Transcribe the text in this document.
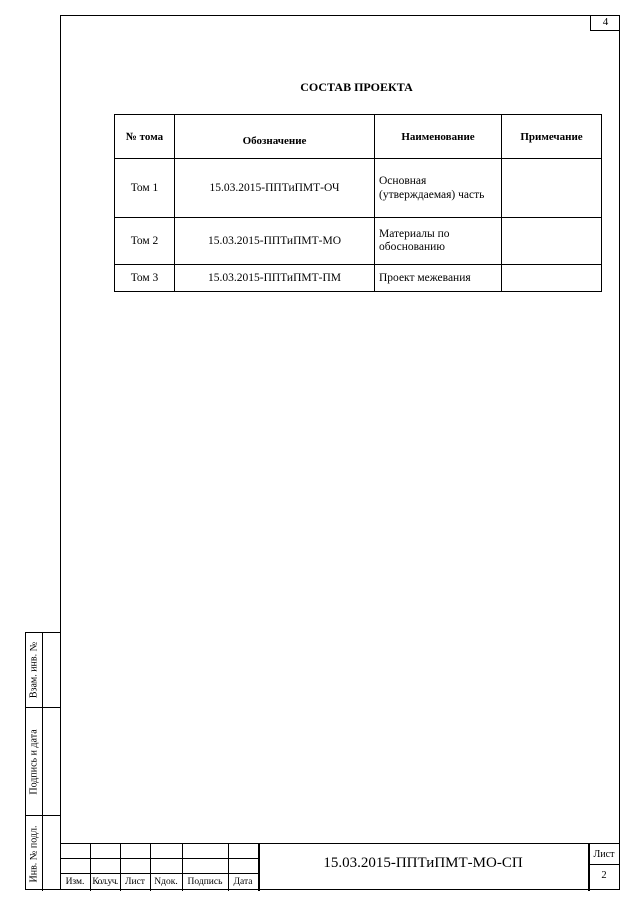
4
СОСТАВ ПРОЕКТА
№ тома	Обозначение	Наименование	Примечание
Том 1	15.03.2015-ППТиПМТ-ОЧ	Основная (утверждаемая) часть	
Том 2	15.03.2015-ППТиПМТ-МО	Материалы по обоснованию	
Том 3	15.03.2015-ППТиПМТ-ПМ	Проект межевания	
Взам. инв. №
Подпись и дата
Инв. № подл.
Изм. Кол.уч. Лист Nдок.	Подпись	Дата
15.03.2015-ППТиПМТ-МО-СП
Лист
2
